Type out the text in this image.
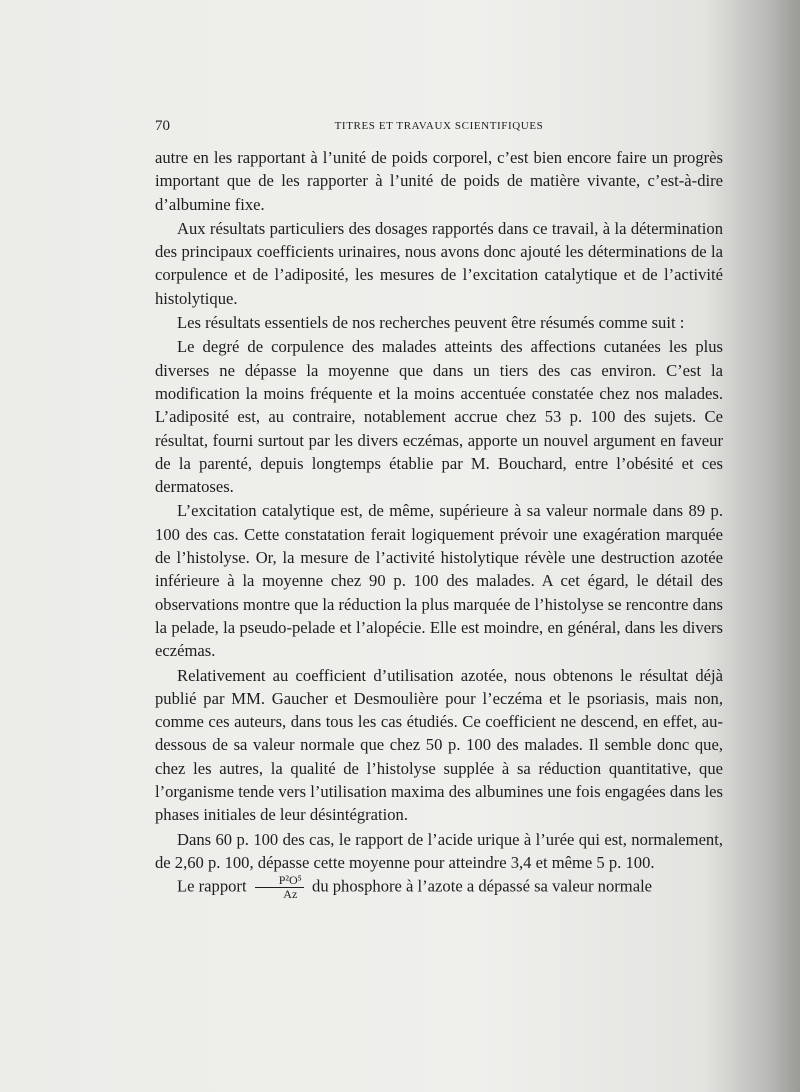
70	TITRES ET TRAVAUX SCIENTIFIQUES

autre en les rapportant à l’unité de poids corporel, c’est bien encore faire un progrès important que de les rapporter à l’unité de poids de matière vivante, c’est-à-dire d’albumine fixe.

Aux résultats particuliers des dosages rapportés dans ce travail, à la détermination des principaux coefficients urinaires, nous avons donc ajouté les déterminations de la corpulence et de l’adiposité, les mesures de l’excitation catalytique et de l’activité histolytique.

Les résultats essentiels de nos recherches peuvent être résumés comme suit :

Le degré de corpulence des malades atteints des affections cutanées les plus diverses ne dépasse la moyenne que dans un tiers des cas environ. C’est la modification la moins fréquente et la moins accentuée constatée chez nos malades. L’adiposité est, au contraire, notablement accrue chez 53 p. 100 des sujets. Ce résultat, fourni surtout par les divers eczémas, apporte un nouvel argument en faveur de la parenté, depuis longtemps établie par M. Bouchard, entre l’obésité et ces dermatoses.

L’excitation catalytique est, de même, supérieure à sa valeur normale dans 89 p. 100 des cas. Cette constatation ferait logiquement prévoir une exagération marquée de l’histolyse. Or, la mesure de l’activité histolytique révèle une destruction azotée inférieure à la moyenne chez 90 p. 100 des malades. A cet égard, le détail des observations montre que la réduction la plus marquée de l’histolyse se rencontre dans la pelade, la pseudo-pelade et l’alopécie. Elle est moindre, en général, dans les divers eczémas.

Relativement au coefficient d’utilisation azotée, nous obtenons le résultat déjà publié par MM. Gaucher et Desmoulière pour l’eczéma et le psoriasis, mais non, comme ces auteurs, dans tous les cas étudiés. Ce coefficient ne descend, en effet, au-dessous de sa valeur normale que chez 50 p. 100 des malades. Il semble donc que, chez les autres, la qualité de l’histolyse supplée à sa réduction quantitative, que l’organisme tende vers l’utilisation maxima des albumines une fois engagées dans les phases initiales de leur désintégration.

Dans 60 p. 100 des cas, le rapport de l’acide urique à l’urée qui est, normalement, de 2,60 p. 100, dépasse cette moyenne pour atteindre 3,4 et même 5 p. 100.

Le rapport $\frac{\text{P²O⁵}}{Az}$ du phosphore à l’azote a dépassé sa valeur normale
